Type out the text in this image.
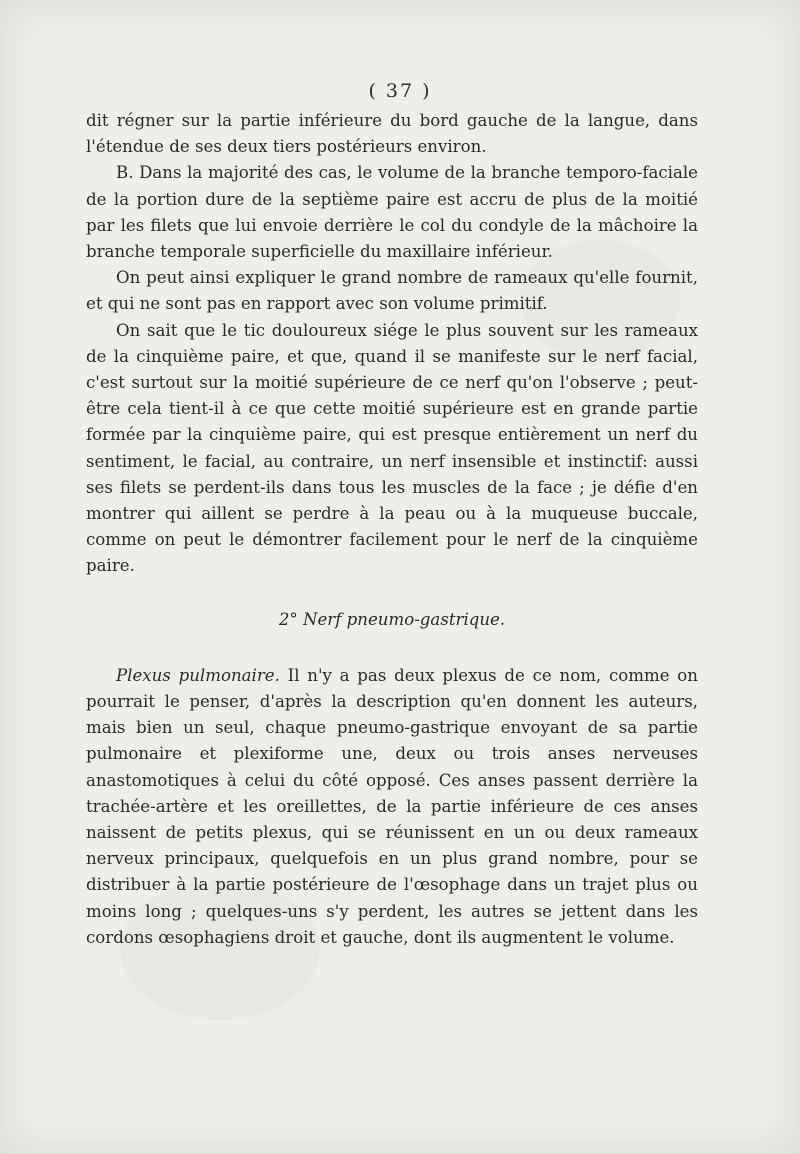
( 37 )

dit régner sur la partie inférieure du bord gauche de la langue, dans l'étendue de ses deux tiers postérieurs environ.

B. Dans la majorité des cas, le volume de la branche temporo-faciale de la portion dure de la septième paire est accru de plus de la moitié par les filets que lui envoie derrière le col du condyle de la mâchoire la branche temporale superficielle du maxillaire inférieur.

On peut ainsi expliquer le grand nombre de rameaux qu'elle fournit, et qui ne sont pas en rapport avec son volume primitif.

On sait que le tic douloureux siége le plus souvent sur les rameaux de la cinquième paire, et que, quand il se manifeste sur le nerf facial, c'est surtout sur la moitié supérieure de ce nerf qu'on l'observe ; peut-être cela tient-il à ce que cette moitié supérieure est en grande partie formée par la cinquième paire, qui est presque entièrement un nerf du sentiment, le facial, au contraire, un nerf insensible et instinctif: aussi ses filets se perdent-ils dans tous les muscles de la face ; je défie d'en montrer qui aillent se perdre à la peau ou à la muqueuse buccale, comme on peut le démontrer facilement pour le nerf de la cinquième paire.

2° Nerf pneumo-gastrique.

Plexus pulmonaire. Il n'y a pas deux plexus de ce nom, comme on pourrait le penser, d'après la description qu'en donnent les auteurs, mais bien un seul, chaque pneumo-gastrique envoyant de sa partie pulmonaire et plexiforme une, deux ou trois anses nerveuses anastomotiques à celui du côté opposé. Ces anses passent derrière la trachée-artère et les oreillettes, de la partie inférieure de ces anses naissent de petits plexus, qui se réunissent en un ou deux rameaux nerveux principaux, quelquefois en un plus grand nombre, pour se distribuer à la partie postérieure de l'œsophage dans un trajet plus ou moins long ; quelques-uns s'y perdent, les autres se jettent dans les cordons œsophagiens droit et gauche, dont ils augmentent le volume.
